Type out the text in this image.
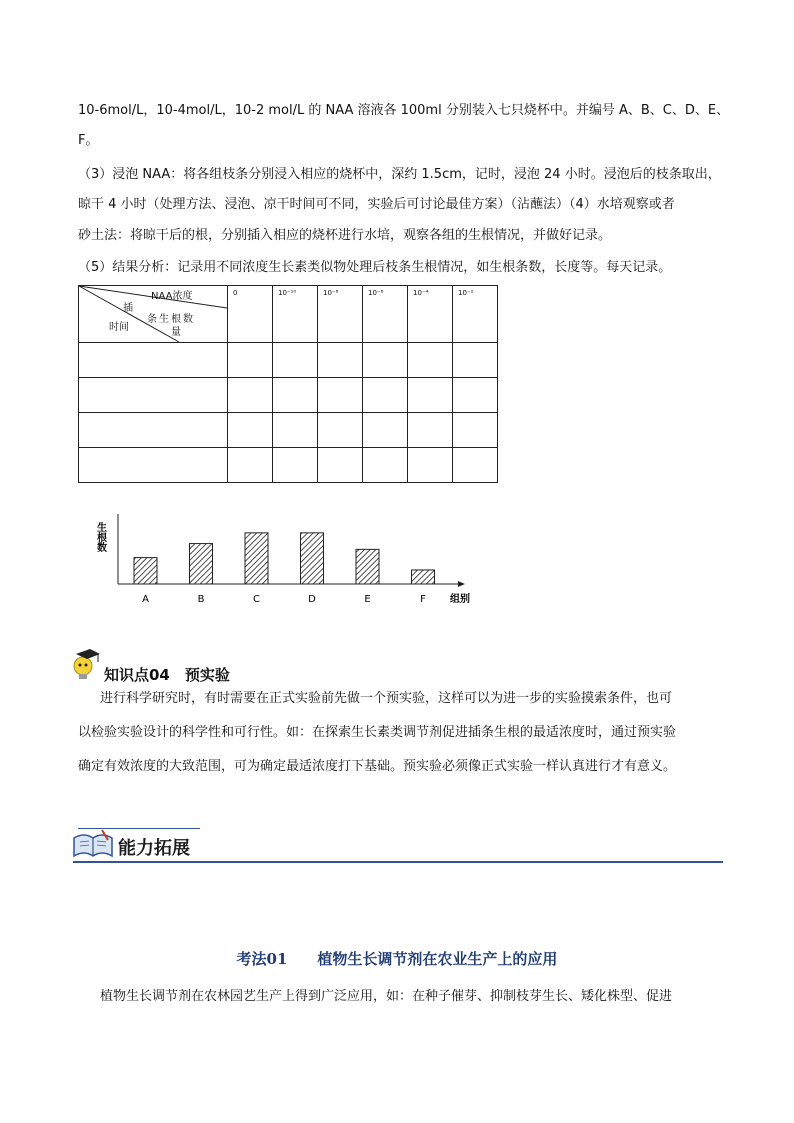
10-6mol/L，10-4mol/L，10-2 mol/L 的 NAA 溶液各 100ml 分别装入七只烧杯中。并编号 A、B、C、D、E、
F。
（3）浸泡 NAA：将各组枝条分别浸入相应的烧杯中，深约 1.5cm，记时，浸泡 24 小时。浸泡后的枝条取出，
晾干 4 小时（处理方法、浸泡、凉干时间可不同，实验后可讨论最佳方案）（沾蘸法）（4）水培观察或者
砂土法：将晾干后的根，分别插入相应的烧杯进行水培，观察各组的生根情况，并做好记录。
（5）结果分析：记录用不同浓度生长素类似物处理后枝条生根情况，如生根条数，长度等。每天记录。
NAA浓度
插
条生根数
量
时间	0	10⁻¹⁰	10⁻⁸	10⁻⁶	10⁻⁴	10⁻²

生根数
A	B	C	D	E	F 组别
知识点04　预实验
进行科学研究时，有时需要在正式实验前先做一个预实验，这样可以为进一步的实验摸索条件，也可
以检验实验设计的科学性和可行性。如：在探索生长素类调节剂促进插条生根的最适浓度时，通过预实验
确定有效浓度的大致范围，可为确定最适浓度打下基础。预实验必须像正式实验一样认真进行才有意义。
能力拓展
考法01　　植物生长调节剂在农业生产上的应用
植物生长调节剂在农林园艺生产上得到广泛应用，如：在种子催芽、抑制枝芽生长、矮化株型、促进
